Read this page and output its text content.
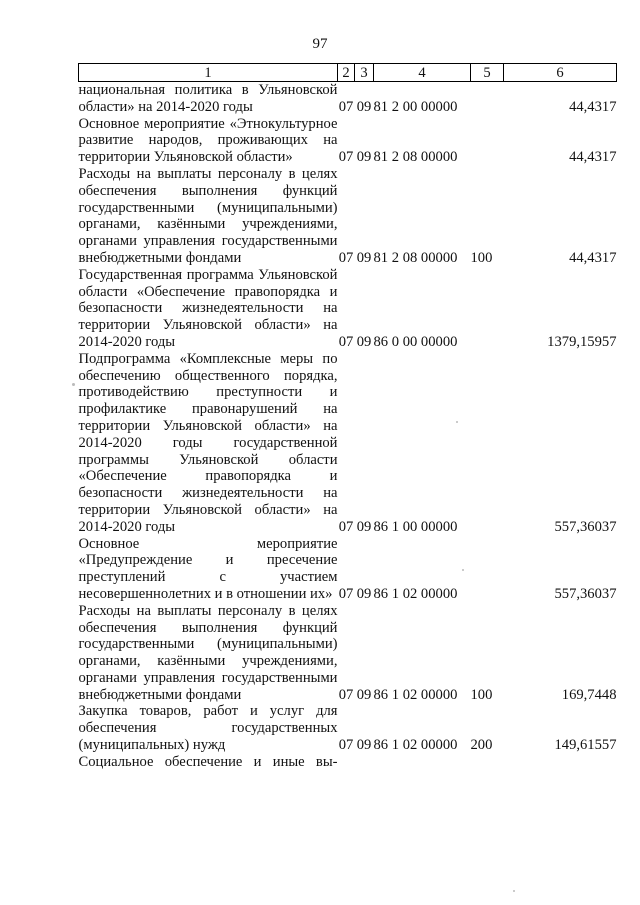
97
1	2	3	4	5	6
национальная политика в Ульяновской области» на 2014-2020 годы	07	09	81 2 00 00000		44,4317
Основное мероприятие «Этнокультурное развитие народов, проживающих на территории Ульяновской области»	07	09	81 2 08 00000		44,4317
Расходы на выплаты персоналу в целях обеспечения выполнения функций государственными (муниципальными) органами, казёнными учреждениями, органами управления государственными внебюджетными фондами	07	09	81 2 08 00000	100	44,4317
Государственная программа Ульяновской области «Обеспечение правопорядка и безопасности жизнедеятельности на территории Ульяновской области» на 2014-2020 годы	07	09	86 0 00 00000		1379,15957
Подпрограмма «Комплексные меры по обеспечению общественного порядка, противодействию преступности и профилактике правонарушений на территории Ульяновской области» на 2014-2020 годы государственной программы Ульяновской области «Обеспечение правопорядка и безопасности жизнедеятельности на территории Ульяновской области» на 2014-2020 годы	07	09	86 1 00 00000		557,36037
Основное мероприятие «Предупреждение и пресечение преступлений с участием несовершеннолетних и в отношении их»	07	09	86 1 02 00000		557,36037
Расходы на выплаты персоналу в целях обеспечения выполнения функций государственными (муниципальными) органами, казёнными учреждениями, органами управления государственными внебюджетными фондами	07	09	86 1 02 00000	100	169,7448
Закупка товаров, работ и услуг для обеспечения государственных (муниципальных) нужд	07	09	86 1 02 00000	200	149,61557
Социальное обеспечение и иные вы-					
